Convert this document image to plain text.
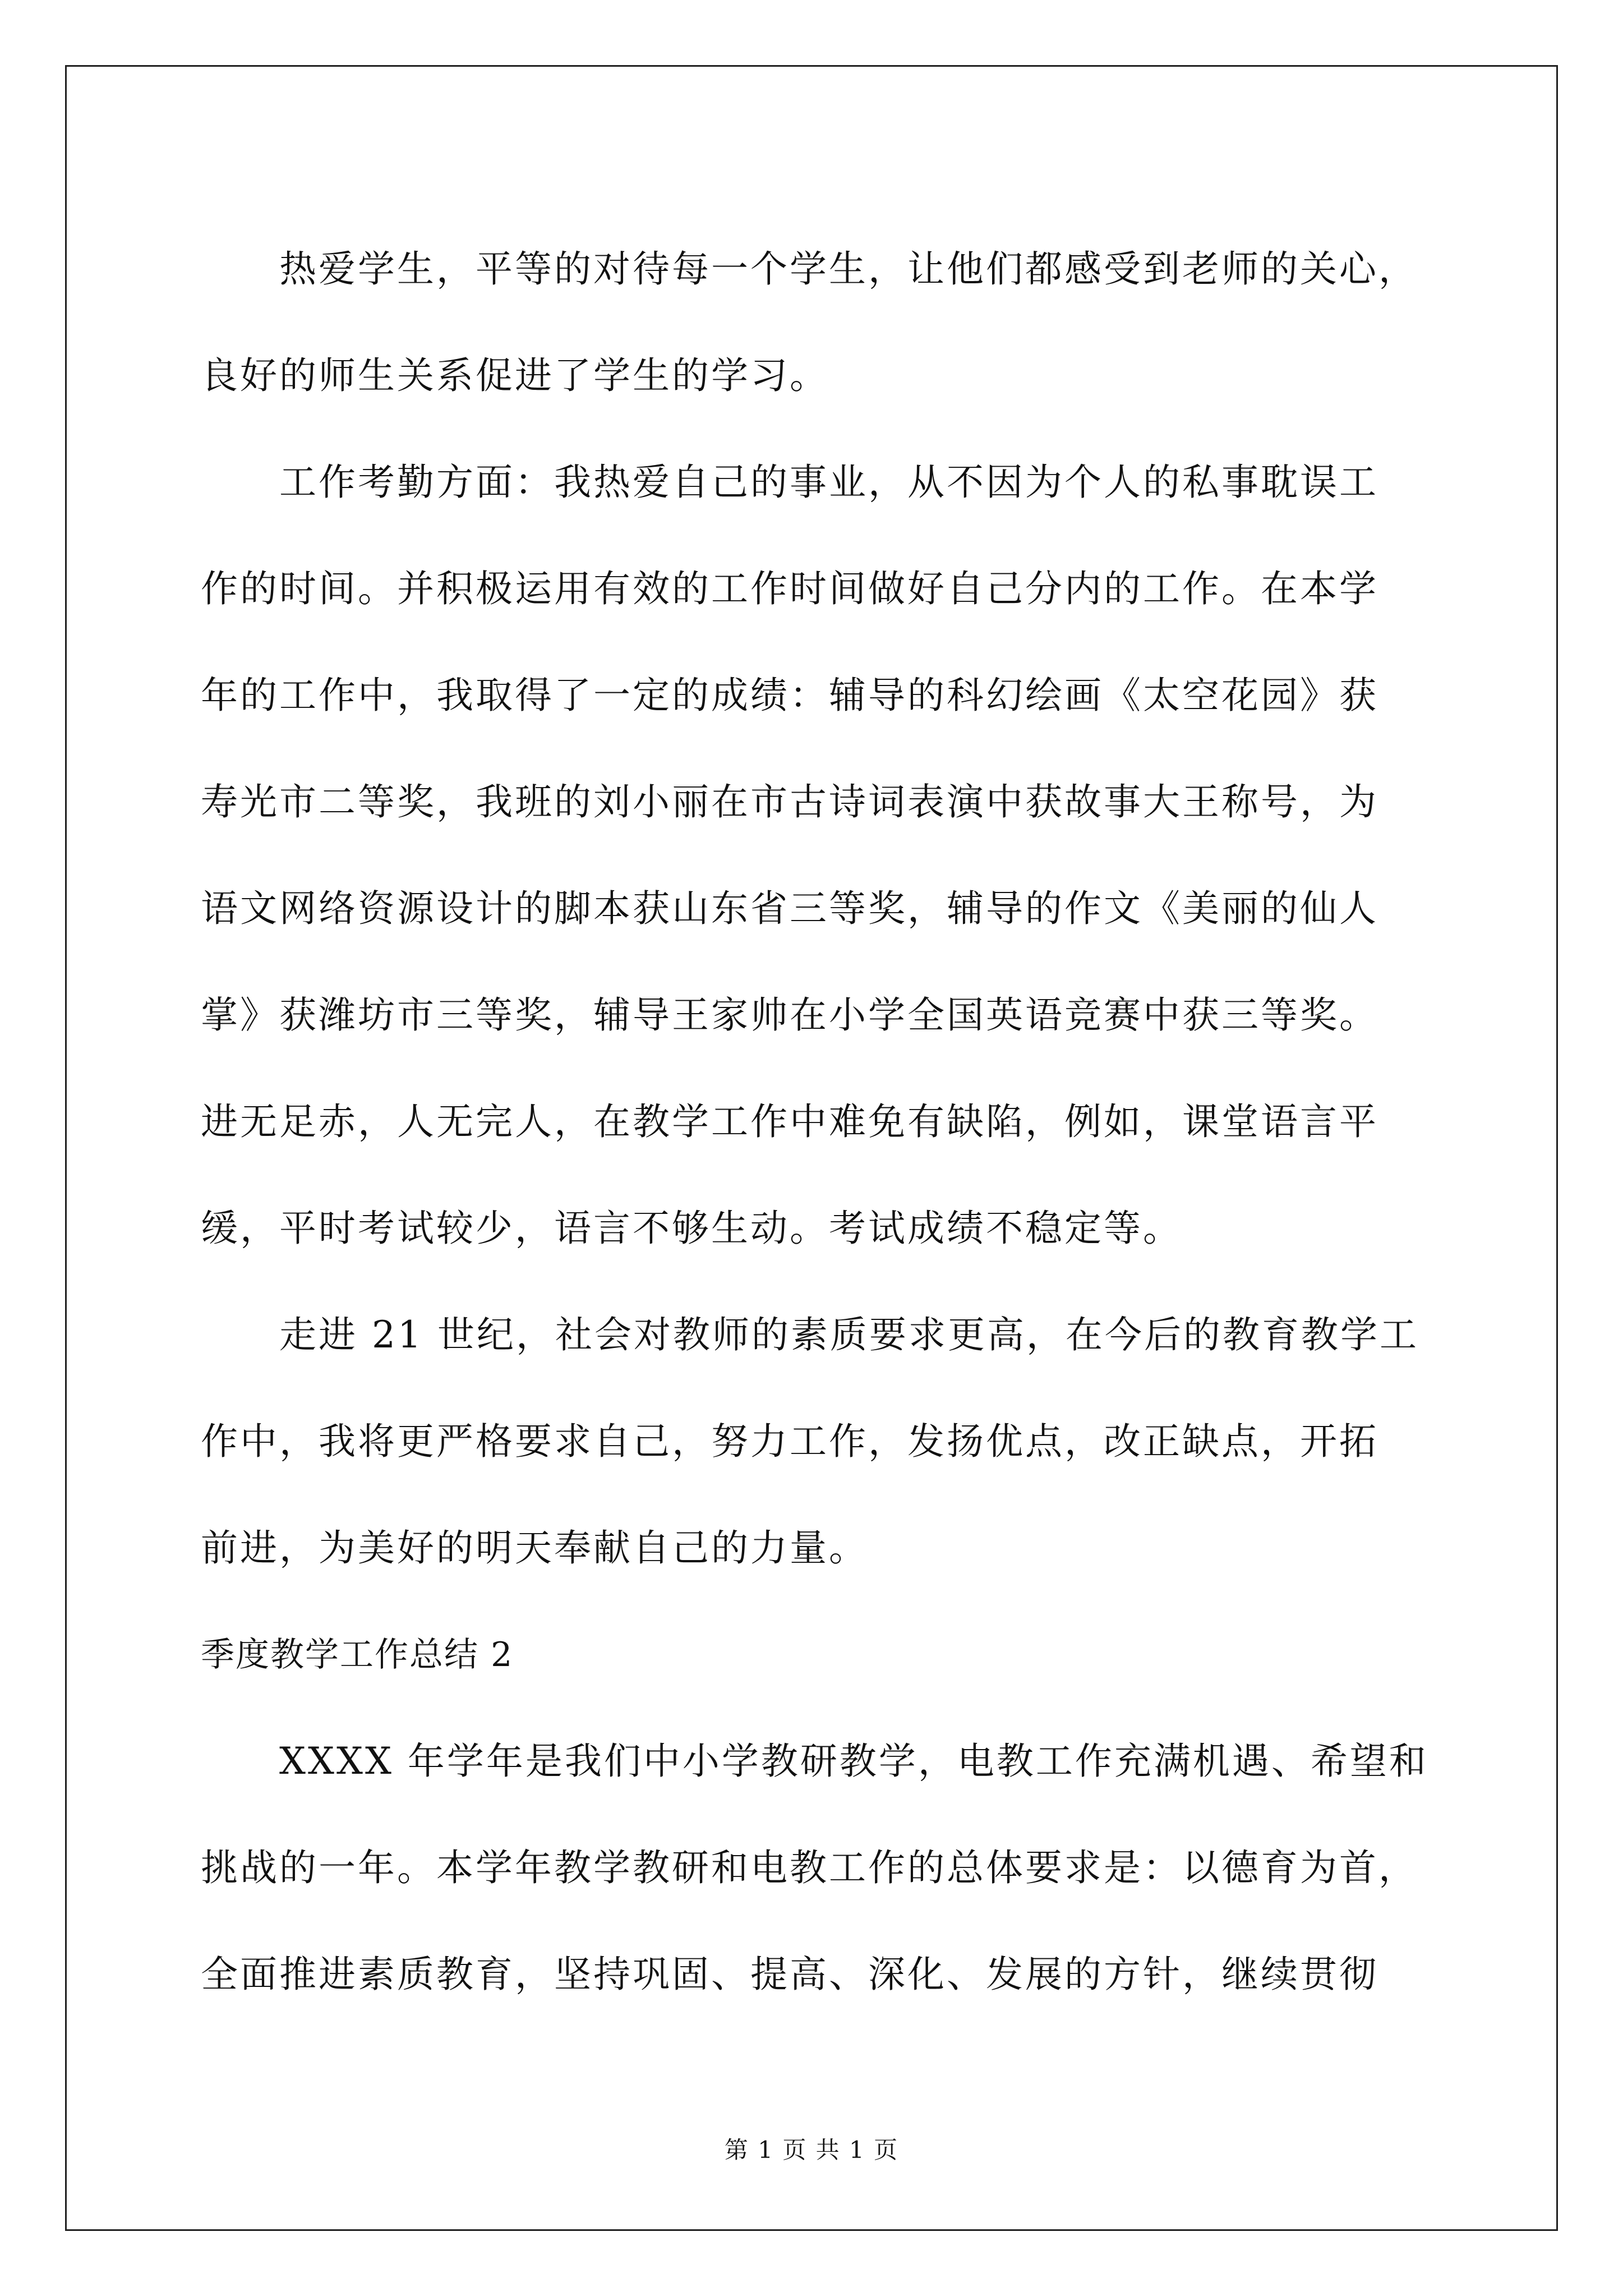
热爱学生，平等的对待每一个学生，让他们都感受到老师的关心，
良好的师生关系促进了学生的学习。
工作考勤方面：我热爱自己的事业，从不因为个人的私事耽误工
作的时间。并积极运用有效的工作时间做好自己分内的工作。在本学
年的工作中，我取得了一定的成绩：辅导的科幻绘画《太空花园》获
寿光市二等奖，我班的刘小丽在市古诗词表演中获故事大王称号，为
语文网络资源设计的脚本获山东省三等奖，辅导的作文《美丽的仙人
掌》获潍坊市三等奖，辅导王家帅在小学全国英语竞赛中获三等奖。
进无足赤，人无完人，在教学工作中难免有缺陷，例如，课堂语言平
缓，平时考试较少，语言不够生动。考试成绩不稳定等。
走进 21 世纪，社会对教师的素质要求更高，在今后的教育教学工
作中，我将更严格要求自己，努力工作，发扬优点，改正缺点，开拓
前进，为美好的明天奉献自己的力量。
季度教学工作总结 2
XXXX 年学年是我们中小学教研教学，电教工作充满机遇、希望和
挑战的一年。本学年教学教研和电教工作的总体要求是：以德育为首，
全面推进素质教育，坚持巩固、提高、深化、发展的方针，继续贯彻
第 1 页 共 1 页
